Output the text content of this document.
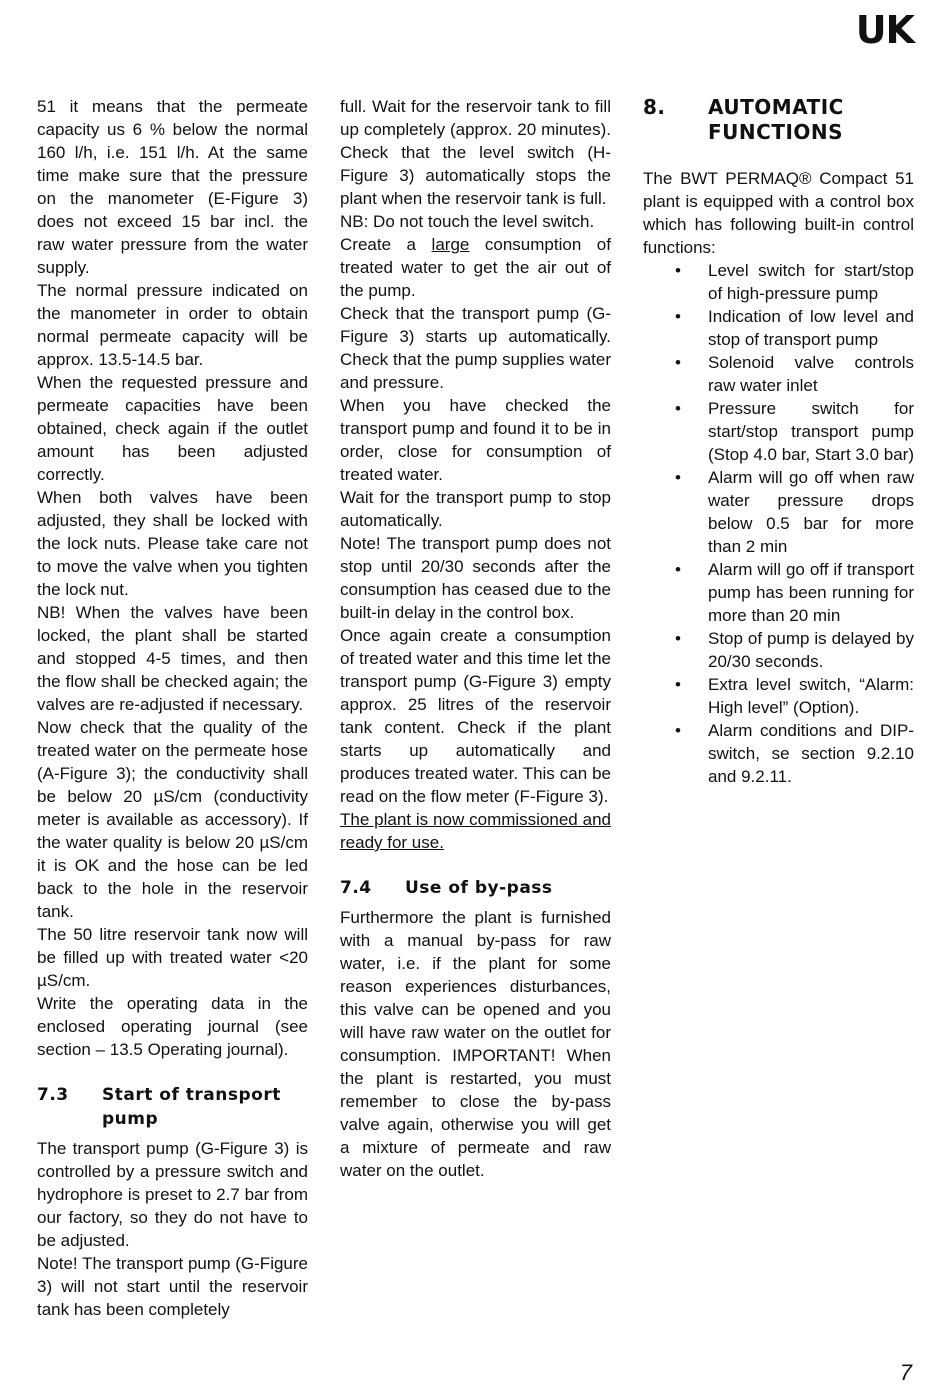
UK

51 it means that the permeate capacity us 6 % below the normal 160 l/h, i.e. 151 l/h. At the same time make sure that the pressure on the manometer (E-Figure 3) does not exceed 15 bar incl. the raw water pressure from the water supply.

The normal pressure indicated on the manometer in order to obtain normal permeate capacity will be approx. 13.5-14.5 bar.

When the requested pressure and permeate capacities have been obtained, check again if the outlet amount has been adjusted correctly.

When both valves have been adjusted, they shall be locked with the lock nuts. Please take care not to move the valve when you tighten the lock nut.

NB! When the valves have been locked, the plant shall be started and stopped 4-5 times, and then the flow shall be checked again; the valves are re-adjusted if necessary.

Now check that the quality of the treated water on the permeate hose (A-Figure 3); the conductivity shall be below 20 µS/cm (conductivity meter is available as accessory). If the water quality is below 20 µS/cm it is OK and the hose can be led back to the hole in the reservoir tank.

The 50 litre reservoir tank now will be filled up with treated water <20 µS/cm.

Write the operating data in the enclosed operating journal (see section – 13.5 Operating journal).

7.3	Start of transport pump

The transport pump (G-Figure 3) is controlled by a pressure switch and hydrophore is preset to 2.7 bar from our factory, so they do not have to be adjusted.

Note! The transport pump (G-Figure 3) will not start until the reservoir tank has been completely

full. Wait for the reservoir tank to fill up completely (approx. 20 minutes). Check that the level switch (H-Figure 3) automatically stops the plant when the reservoir tank is full.

NB: Do not touch the level switch.

Create a large consumption of treated water to get the air out of the pump.

Check that the transport pump (G-Figure 3) starts up automatically. Check that the pump supplies water and pressure.

When you have checked the transport pump and found it to be in order, close for consumption of treated water.

Wait for the transport pump to stop automatically.

Note! The transport pump does not stop until 20/30 seconds after the consumption has ceased due to the built-in delay in the control box.

Once again create a consumption of treated water and this time let the transport pump (G-Figure 3) empty approx. 25 litres of the reservoir tank content. Check if the plant starts up automatically and produces treated water. This can be read on the flow meter (F-Figure 3).

The plant is now commissioned and ready for use.

7.4	Use of by-pass

Furthermore the plant is furnished with a manual by-pass for raw water, i.e. if the plant for some reason experiences disturbances, this valve can be opened and you will have raw water on the outlet for consumption. IMPORTANT! When the plant is restarted, you must remember to close the by-pass valve again, otherwise you will get a mixture of permeate and raw water on the outlet.

8.	AUTOMATIC FUNCTIONS

The BWT PERMAQ® Compact 51 plant is equipped with a control box which has following built-in control functions:

• Level switch for start/stop of high-pressure pump
• Indication of low level and stop of transport pump
• Solenoid valve controls raw water inlet
• Pressure switch for start/stop transport pump (Stop 4.0 bar, Start 3.0 bar)
• Alarm will go off when raw water pressure drops below 0.5 bar for more than 2 min
• Alarm will go off if transport pump has been running for more than 20 min
• Stop of pump is delayed by 20/30 seconds.
• Extra level switch, “Alarm: High level” (Option).
• Alarm conditions and DIP-switch, se section 9.2.10 and 9.2.11.
7
